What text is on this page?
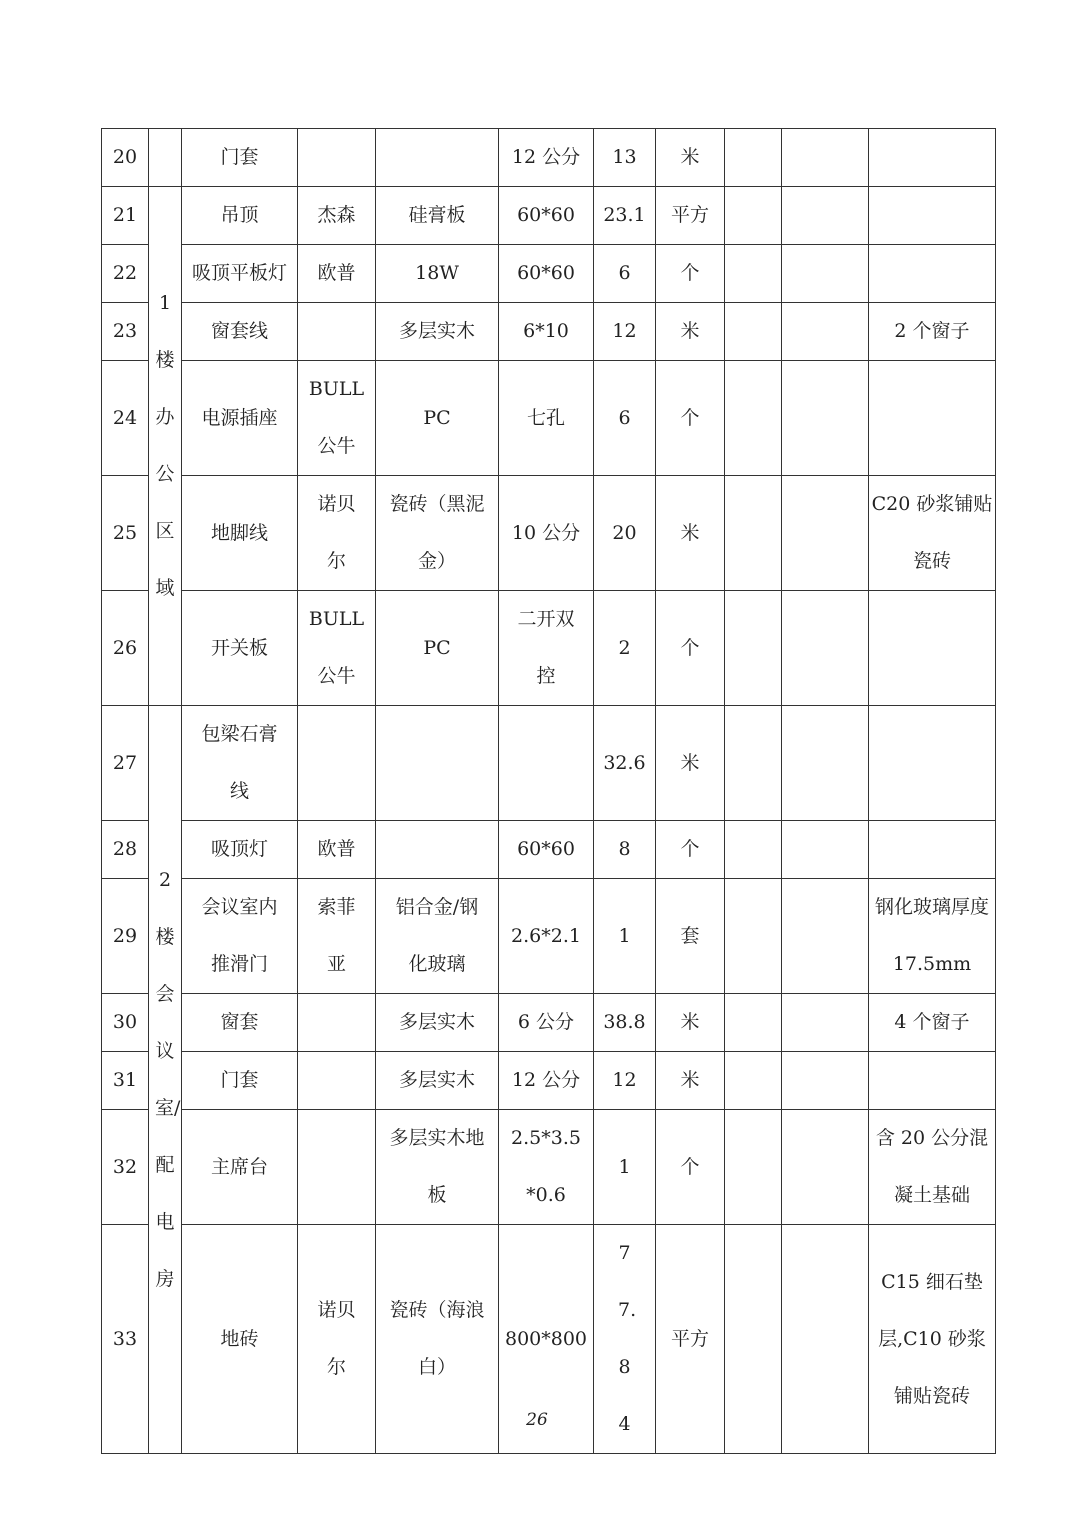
20		门套			12 公分	13	米			
21	1 楼办公区域	吊顶	杰森	硅膏板	60*60	23.1	平方			
22		吸顶平板灯	欧普	18W	60*60	6	个			
23		窗套线		多层实木	6*10	12	米			2 个窗子
24		电源插座	BULL 公牛	PC	七孔	6	个			
25		地脚线	诺贝尔	瓷砖（黑泥金）	10 公分	20	米			C20 砂浆铺贴瓷砖
26		开关板	BULL 公牛	PC	二开双控	2	个			
27	2 楼会议室/配电房	包梁石膏线				32.6	米			
28		吸顶灯	欧普		60*60	8	个			
29		会议室内推滑门	索菲亚	铝合金/钢化玻璃	2.6*2.1	1	套			钢化玻璃厚度 17.5mm
30		窗套		多层实木	6 公分	38.8	米			4 个窗子
31		门套		多层实木	12 公分	12	米			
32		主席台		多层实木地板	2.5*3.5*0.6	1	个			含 20 公分混凝土基础
33		地砖	诺贝尔	瓷砖（海浪白）	800*800	77.84	平方			C15 细石垫层,C10 砂浆铺贴瓷砖
26
